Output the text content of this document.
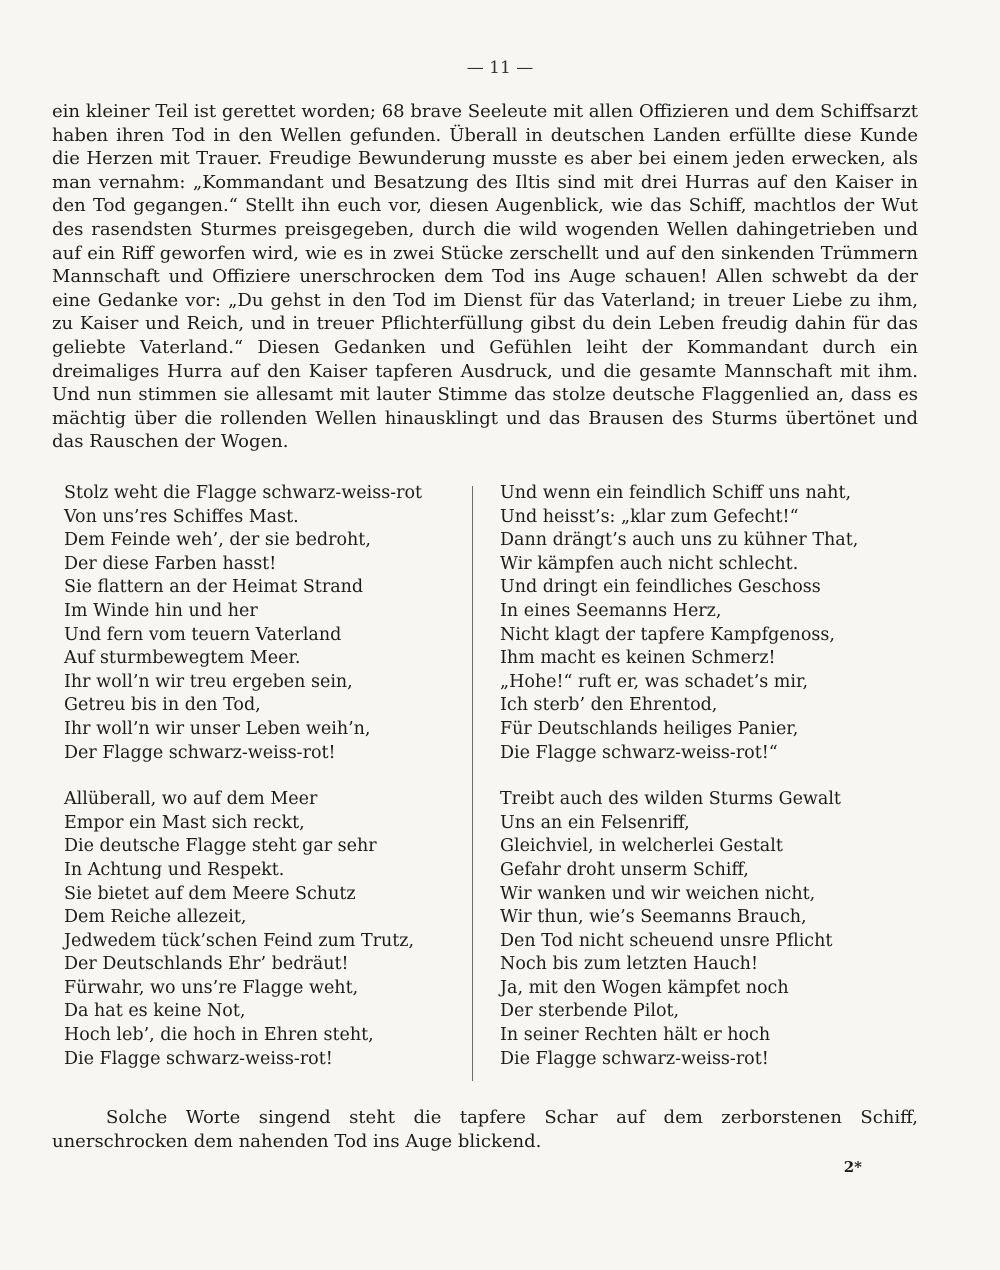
— 11 —

ein kleiner Teil ist gerettet worden; 68 brave Seeleute mit allen Offizieren und dem Schiffsarzt haben ihren Tod in den Wellen gefunden. Überall in deutschen Landen erfüllte diese Kunde die Herzen mit Trauer. Freudige Bewunderung musste es aber bei einem jeden erwecken, als man vernahm: „Kommandant und Besatzung des Iltis sind mit drei Hurras auf den Kaiser in den Tod gegangen.“ Stellt ihn euch vor, diesen Augenblick, wie das Schiff, machtlos der Wut des rasendsten Sturmes preisgegeben, durch die wild wogenden Wellen dahingetrieben und auf ein Riff geworfen wird, wie es in zwei Stücke zerschellt und auf den sinkenden Trümmern Mannschaft und Offiziere unerschrocken dem Tod ins Auge schauen! Allen schwebt da der eine Gedanke vor: „Du gehst in den Tod im Dienst für das Vaterland; in treuer Liebe zu ihm, zu Kaiser und Reich, und in treuer Pflichterfüllung gibst du dein Leben freudig dahin für das geliebte Vaterland.“ Diesen Gedanken und Gefühlen leiht der Kommandant durch ein dreimaliges Hurra auf den Kaiser tapferen Ausdruck, und die gesamte Mannschaft mit ihm. Und nun stimmen sie allesamt mit lauter Stimme das stolze deutsche Flaggenlied an, dass es mächtig über die rollenden Wellen hinausklingt und das Brausen des Sturms übertönet und das Rauschen der Wogen.

Stolz weht die Flagge schwarz-weiss-rot
Von uns’res Schiffes Mast.
Dem Feinde weh’, der sie bedroht,
Der diese Farben hasst!
Sie flattern an der Heimat Strand
Im Winde hin und her
Und fern vom teuern Vaterland
Auf sturmbewegtem Meer.
Ihr woll’n wir treu ergeben sein,
Getreu bis in den Tod,
Ihr woll’n wir unser Leben weih’n,
Der Flagge schwarz-weiss-rot!
Allüberall, wo auf dem Meer
Empor ein Mast sich reckt,
Die deutsche Flagge steht gar sehr
In Achtung und Respekt.
Sie bietet auf dem Meere Schutz
Dem Reiche allezeit,
Jedwedem tück’schen Feind zum Trutz,
Der Deutschlands Ehr’ bedräut!
Fürwahr, wo uns’re Flagge weht,
Da hat es keine Not,
Hoch leb’, die hoch in Ehren steht,
Die Flagge schwarz-weiss-rot!
Und wenn ein feindlich Schiff uns naht,
Und heisst’s: „klar zum Gefecht!“
Dann drängt’s auch uns zu kühner That,
Wir kämpfen auch nicht schlecht.
Und dringt ein feindliches Geschoss
In eines Seemanns Herz,
Nicht klagt der tapfere Kampfgenoss,
Ihm macht es keinen Schmerz!
„Hohe!“ ruft er, was schadet’s mir,
Ich sterb’ den Ehrentod,
Für Deutschlands heiliges Panier,
Die Flagge schwarz-weiss-rot!“
Treibt auch des wilden Sturms Gewalt
Uns an ein Felsenriff,
Gleichviel, in welcherlei Gestalt
Gefahr droht unserm Schiff,
Wir wanken und wir weichen nicht,
Wir thun, wie’s Seemanns Brauch,
Den Tod nicht scheuend unsre Pflicht
Noch bis zum letzten Hauch!
Ja, mit den Wogen kämpfet noch
Der sterbende Pilot,
In seiner Rechten hält er hoch
Die Flagge schwarz-weiss-rot!

Solche Worte singend steht die tapfere Schar auf dem zerborstenen Schiff, unerschrocken dem nahenden Tod ins Auge blickend.

2*
